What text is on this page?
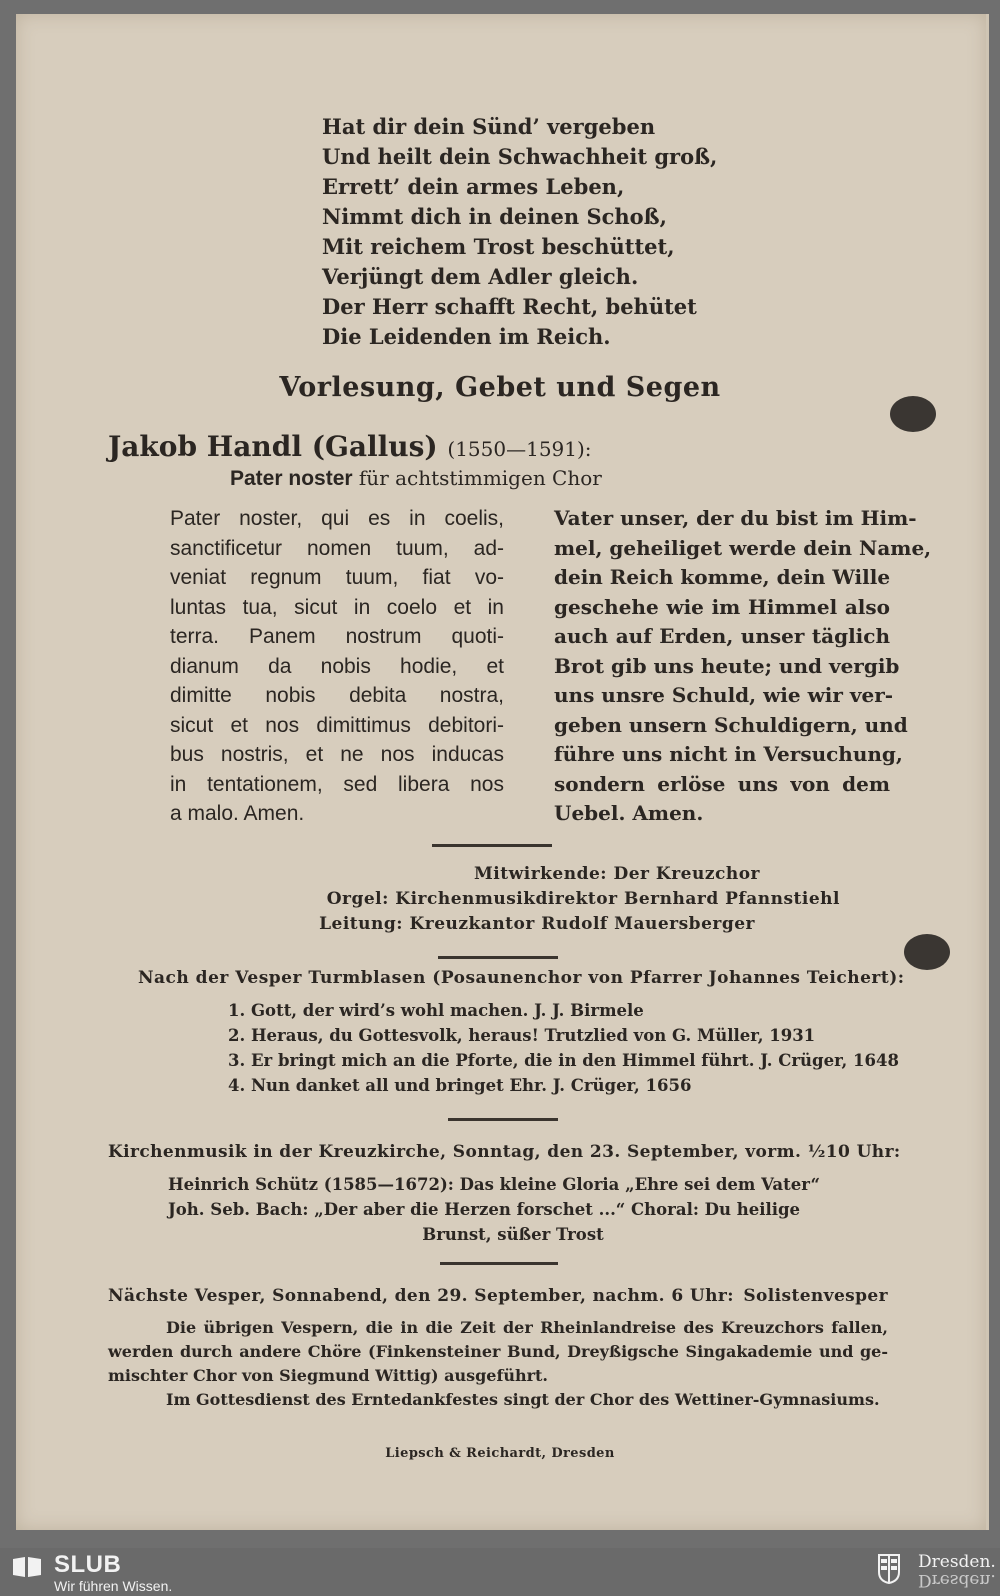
Hat dir dein Sünd’ vergeben
Und heilt dein Schwachheit groß,
Errett’ dein armes Leben,
Nimmt dich in deinen Schoß,
Mit reichem Trost beschüttet,
Verjüngt dem Adler gleich.
Der Herr schafft Recht, behütet
Die Leidenden im Reich.
Vorlesung, Gebet und Segen
Jakob Handl (Gallus) (1550—1591):
Pater noster für achtstimmigen Chor
Pater noster, qui es in coelis,
sanctificetur nomen tuum, ad-
veniat regnum tuum, fiat vo-
luntas tua, sicut in coelo et in
terra. Panem nostrum quoti-
dianum da nobis hodie, et
dimitte nobis debita nostra,
sicut et nos dimittimus debitori-
bus nostris, et ne nos inducas
in tentationem, sed libera nos
a malo. Amen.
Vater unser, der du bist im Him-
mel, geheiliget werde dein Name,
dein Reich komme, dein Wille
geschehe wie im Himmel also
auch auf Erden, unser täglich
Brot gib uns heute; und vergib
uns unsre Schuld, wie wir ver-
geben unsern Schuldigern, und
führe uns nicht in Versuchung,
sondern erlöse uns von dem
Uebel. Amen.
Mitwirkende: Der Kreuzchor
Orgel: Kirchenmusikdirektor Bernhard Pfannstiehl
Leitung: Kreuzkantor Rudolf Mauersberger
Nach der Vesper Turmblasen (Posaunenchor von Pfarrer Johannes Teichert):
1. Gott, der wird’s wohl machen. J. J. Birmele
2. Heraus, du Gottesvolk, heraus! Trutzlied von G. Müller, 1931
3. Er bringt mich an die Pforte, die in den Himmel führt. J. Crüger, 1648
4. Nun danket all und bringet Ehr. J. Crüger, 1656
Kirchenmusik in der Kreuzkirche, Sonntag, den 23. September, vorm. ½10 Uhr:
Heinrich Schütz (1585—1672): Das kleine Gloria „Ehre sei dem Vater“
Joh. Seb. Bach: „Der aber die Herzen forschet ...“ Choral: Du heilige
Brunst, süßer Trost
Nächste Vesper, Sonnabend, den 29. September, nachm. 6 Uhr: Solistenvesper
Die übrigen Vespern, die in die Zeit der Rheinlandreise des Kreuzchors fallen,
werden durch andere Chöre (Finkensteiner Bund, Dreyßigsche Singakademie und ge-
mischter Chor von Siegmund Wittig) ausgeführt.
Im Gottesdienst des Erntedankfestes singt der Chor des Wettiner-Gymnasiums.
Liepsch & Reichardt, Dresden
SLUB
Wir führen Wissen.
Dresden.
Dresden.
